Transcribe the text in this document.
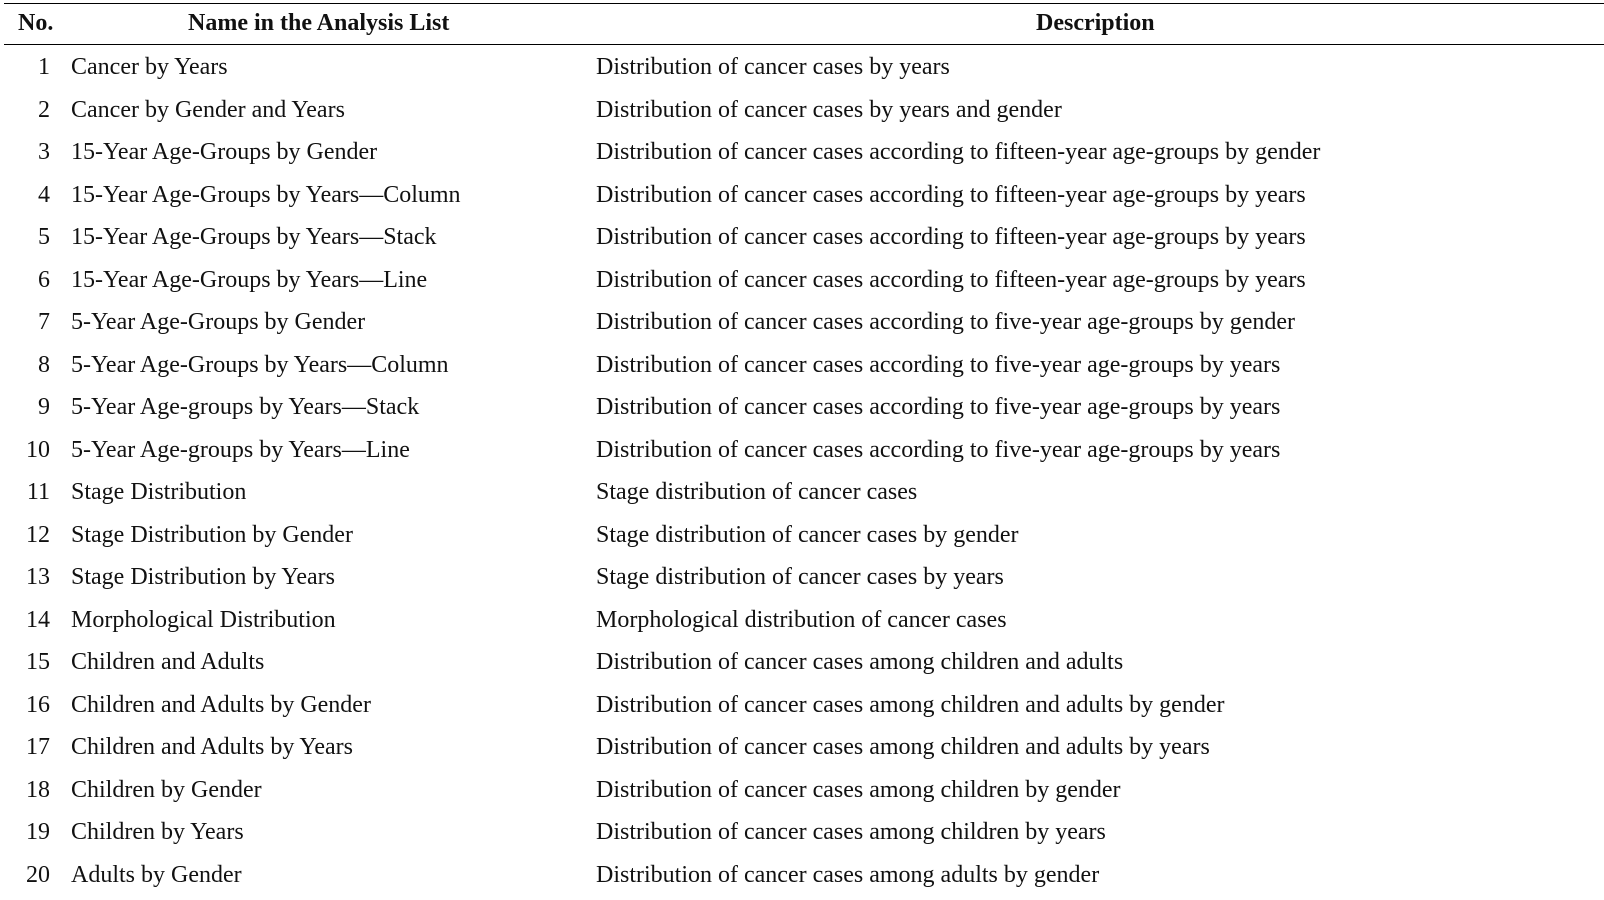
No.	Name in the Analysis List	Description
1 Cancer by Years	Distribution of cancer cases by years
2 Cancer by Gender and Years	Distribution of cancer cases by years and gender
3 15-Year Age-Groups by Gender	Distribution of cancer cases according to fifteen-year age-groups by gender
4 15-Year Age-Groups by Years—Column	Distribution of cancer cases according to fifteen-year age-groups by years
5 15-Year Age-Groups by Years—Stack	Distribution of cancer cases according to fifteen-year age-groups by years
6 15-Year Age-Groups by Years—Line	Distribution of cancer cases according to fifteen-year age-groups by years
7 5-Year Age-Groups by Gender	Distribution of cancer cases according to five-year age-groups by gender
8 5-Year Age-Groups by Years—Column	Distribution of cancer cases according to five-year age-groups by years
9 5-Year Age-groups by Years—Stack	Distribution of cancer cases according to five-year age-groups by years
10 5-Year Age-groups by Years—Line	Distribution of cancer cases according to five-year age-groups by years
11 Stage Distribution	Stage distribution of cancer cases
12 Stage Distribution by Gender	Stage distribution of cancer cases by gender
13 Stage Distribution by Years	Stage distribution of cancer cases by years
14 Morphological Distribution	Morphological distribution of cancer cases
15 Children and Adults	Distribution of cancer cases among children and adults
16 Children and Adults by Gender	Distribution of cancer cases among children and adults by gender
17 Children and Adults by Years	Distribution of cancer cases among children and adults by years
18 Children by Gender	Distribution of cancer cases among children by gender
19 Children by Years	Distribution of cancer cases among children by years
20 Adults by Gender	Distribution of cancer cases among adults by gender
